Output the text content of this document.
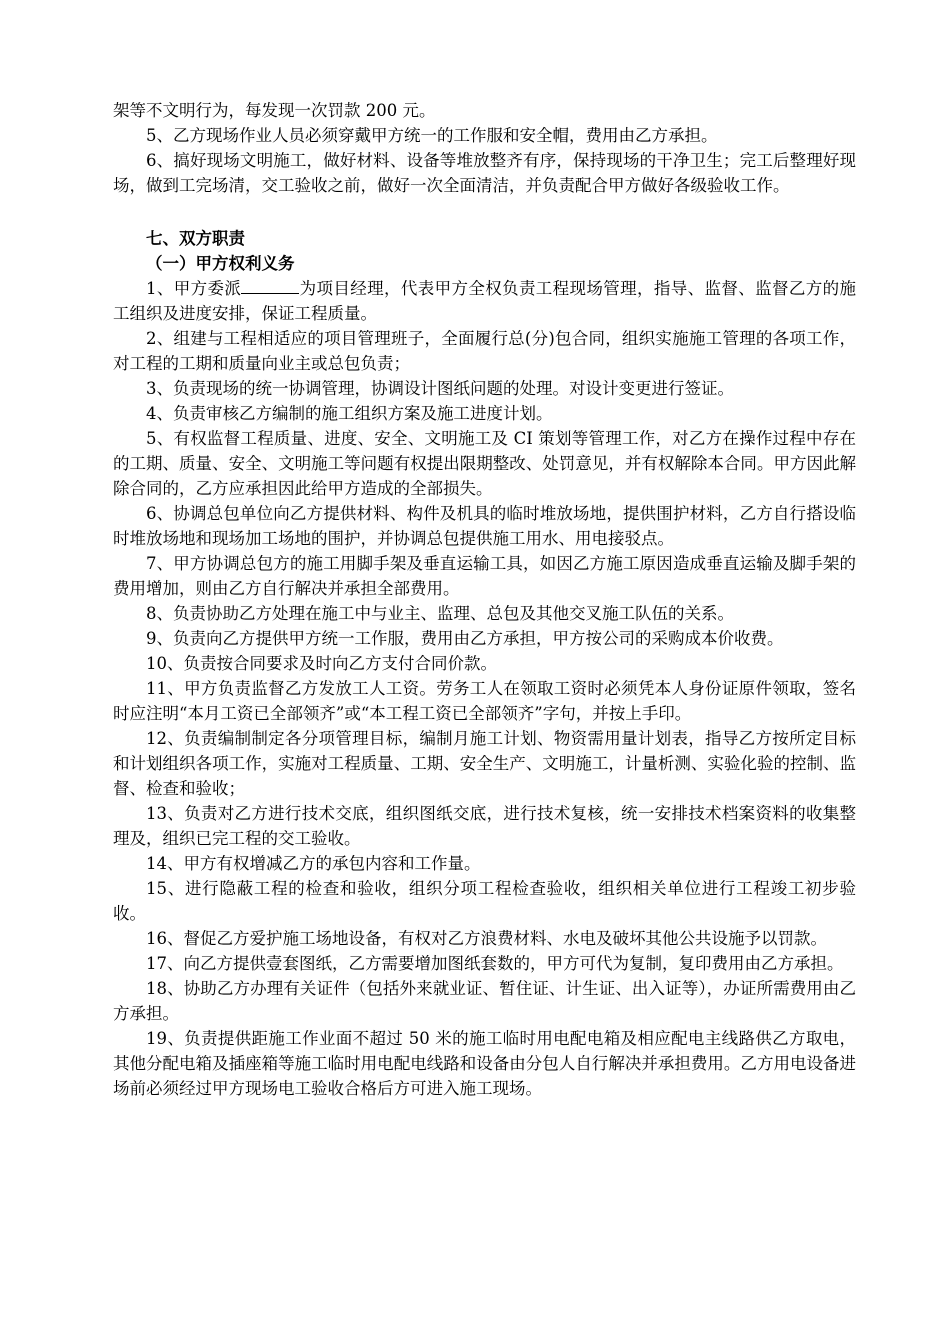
架等不文明行为，每发现一次罚款 200 元。

5、乙方现场作业人员必须穿戴甲方统一的工作服和安全帽，费用由乙方承担。

6、搞好现场文明施工，做好材料、设备等堆放整齐有序，保持现场的干净卫生；完工后整理好现场，做到工完场清，交工验收之前，做好一次全面清洁，并负责配合甲方做好各级验收工作。

七、双方职责

（一）甲方权利义务

1、甲方委派	为项目经理，代表甲方全权负责工程现场管理，指导、监督、监督乙方的施工组织及进度安排，保证工程质量。

2、组建与工程相适应的项目管理班子，全面履行总(分)包合同，组织实施施工管理的各项工作，对工程的工期和质量向业主或总包负责；

3、负责现场的统一协调管理，协调设计图纸问题的处理。对设计变更进行签证。

4、负责审核乙方编制的施工组织方案及施工进度计划。

5、有权监督工程质量、进度、安全、文明施工及 CI 策划等管理工作，对乙方在操作过程中存在的工期、质量、安全、文明施工等问题有权提出限期整改、处罚意见，并有权解除本合同。甲方因此解除合同的，乙方应承担因此给甲方造成的全部损失。

6、协调总包单位向乙方提供材料、构件及机具的临时堆放场地，提供围护材料，乙方自行搭设临时堆放场地和现场加工场地的围护，并协调总包提供施工用水、用电接驳点。

7、甲方协调总包方的施工用脚手架及垂直运输工具，如因乙方施工原因造成垂直运输及脚手架的费用增加，则由乙方自行解决并承担全部费用。

8、负责协助乙方处理在施工中与业主、监理、总包及其他交叉施工队伍的关系。

9、负责向乙方提供甲方统一工作服，费用由乙方承担，甲方按公司的采购成本价收费。

10、负责按合同要求及时向乙方支付合同价款。

11、甲方负责监督乙方发放工人工资。劳务工人在领取工资时必须凭本人身份证原件领取，签名时应注明“本月工资已全部领齐”或“本工程工资已全部领齐”字句，并按上手印。

12、负责编制制定各分项管理目标，编制月施工计划、物资需用量计划表，指导乙方按所定目标和计划组织各项工作，实施对工程质量、工期、安全生产、文明施工，计量析测、实验化验的控制、监督、检查和验收；

13、负责对乙方进行技术交底，组织图纸交底，进行技术复核，统一安排技术档案资料的收集整理及，组织已完工程的交工验收。

14、甲方有权增减乙方的承包内容和工作量。

15、进行隐蔽工程的检查和验收，组织分项工程检查验收，组织相关单位进行工程竣工初步验收。

16、督促乙方爱护施工场地设备，有权对乙方浪费材料、水电及破坏其他公共设施予以罚款。

17、向乙方提供壹套图纸，乙方需要增加图纸套数的，甲方可代为复制，复印费用由乙方承担。

18、协助乙方办理有关证件（包括外来就业证、暂住证、计生证、出入证等），办证所需费用由乙方承担。

19、负责提供距施工作业面不超过 50 米的施工临时用电配电箱及相应配电主线路供乙方取电，其他分配电箱及插座箱等施工临时用电配电线路和设备由分包人自行解决并承担费用。乙方用电设备进场前必须经过甲方现场电工验收合格后方可进入施工现场。
